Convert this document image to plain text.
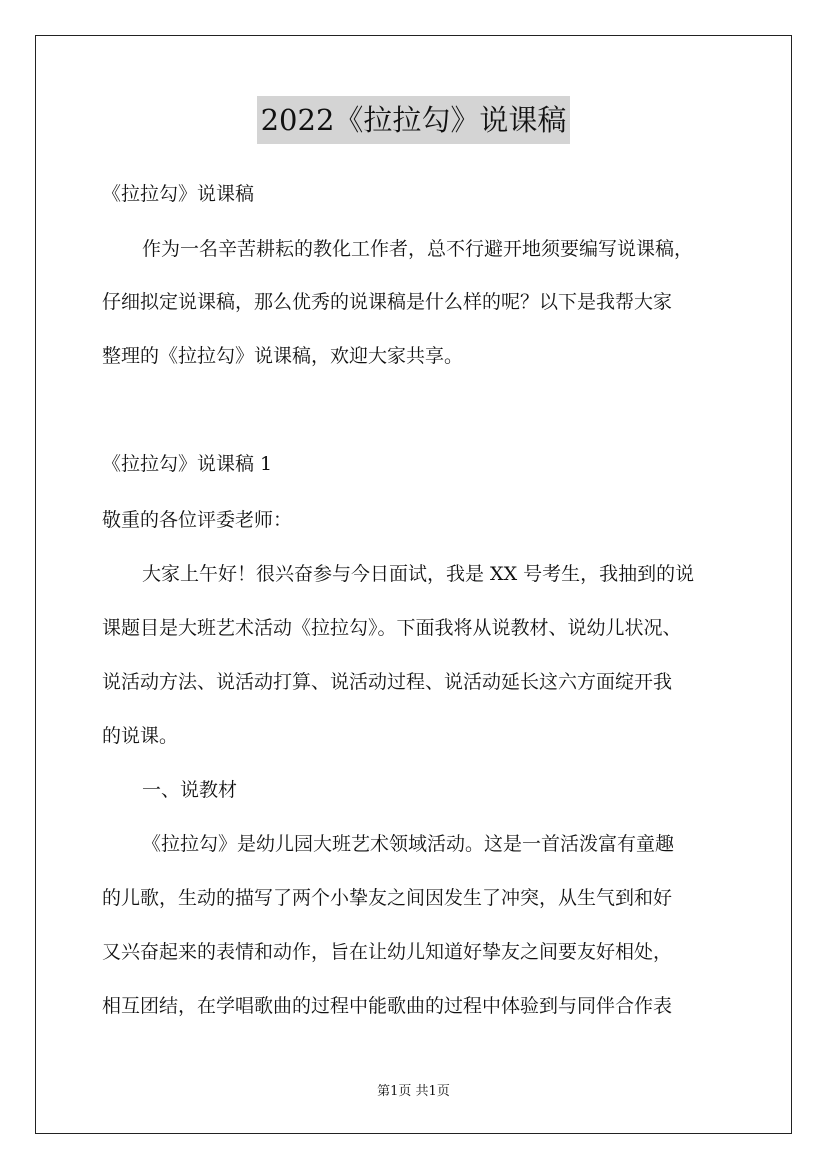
2022《拉拉勾》说课稿
《拉拉勾》说课稿
作为一名辛苦耕耘的教化工作者，总不行避开地须要编写说课稿，
仔细拟定说课稿，那么优秀的说课稿是什么样的呢？以下是我帮大家
整理的《拉拉勾》说课稿，欢迎大家共享。
《拉拉勾》说课稿 1
敬重的各位评委老师：
大家上午好！很兴奋参与今日面试，我是 XX 号考生，我抽到的说
课题目是大班艺术活动《拉拉勾》。下面我将从说教材、说幼儿状况、
说活动方法、说活动打算、说活动过程、说活动延长这六方面绽开我
的说课。
一、说教材
《拉拉勾》是幼儿园大班艺术领域活动。这是一首活泼富有童趣
的儿歌，生动的描写了两个小挚友之间因发生了冲突，从生气到和好
又兴奋起来的表情和动作，旨在让幼儿知道好挚友之间要友好相处，
相互团结，在学唱歌曲的过程中能歌曲的过程中体验到与同伴合作表
第1页 共1页
